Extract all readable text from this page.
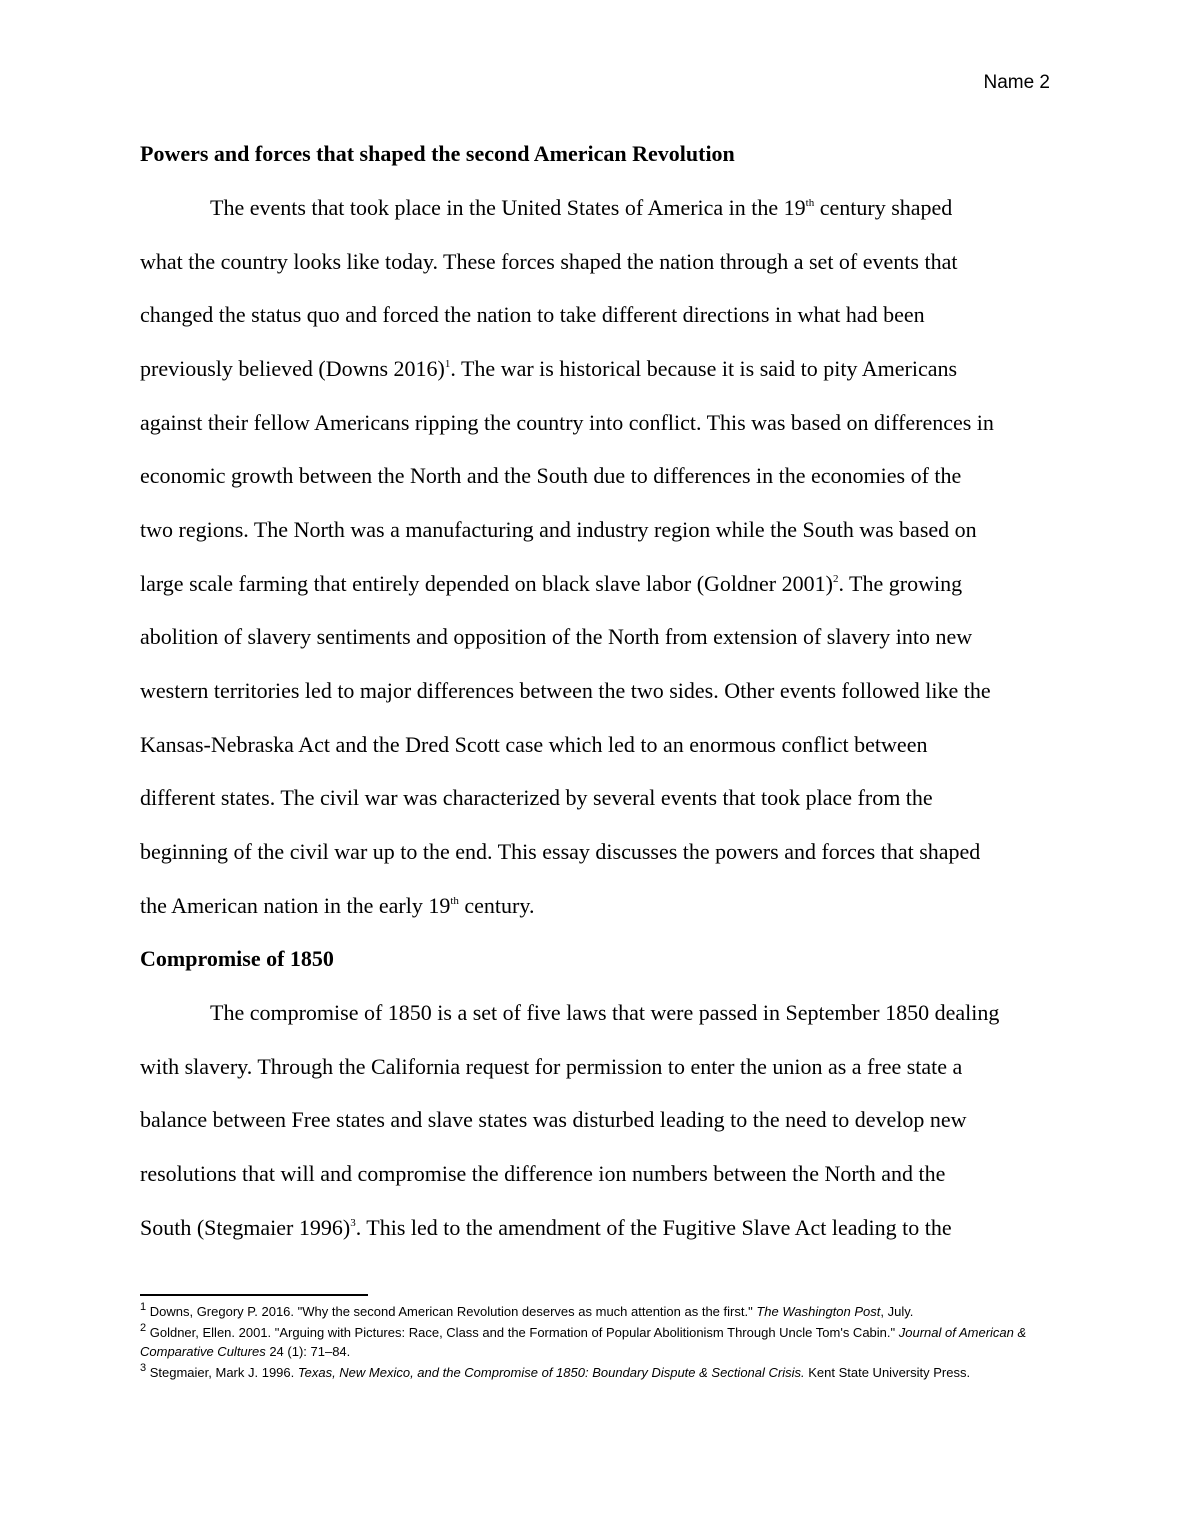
Name 2
Powers and forces that shaped the second American Revolution
The events that took place in the United States of America in the 19th century shaped
what the country looks like today. These forces shaped the nation through a set of events that
changed the status quo and forced the nation to take different directions in what had been
previously believed (Downs 2016)$^1$. The war is historical because it is said to pity Americans
against their fellow Americans ripping the country into conflict. This was based on differences in
economic growth between the North and the South due to differences in the economies of the
two regions. The North was a manufacturing and industry region while the South was based on
large scale farming that entirely depended on black slave labor (Goldner 2001)$^2$. The growing
abolition of slavery sentiments and opposition of the North from extension of slavery into new
western territories led to major differences between the two sides. Other events followed like the
Kansas-Nebraska Act and the Dred Scott case which led to an enormous conflict between
different states. The civil war was characterized by several events that took place from the
beginning of the civil war up to the end. This essay discusses the powers and forces that shaped
the American nation in the early 19th century.
Compromise of 1850
The compromise of 1850 is a set of five laws that were passed in September 1850 dealing
with slavery. Through the California request for permission to enter the union as a free state a
balance between Free states and slave states was disturbed leading to the need to develop new
resolutions that will and compromise the difference ion numbers between the North and the
South (Stegmaier 1996)$^3$. This led to the amendment of the Fugitive Slave Act leading to the

$^1$ Downs, Gregory P. 2016. "Why the second American Revolution deserves as much attention as the first." The Washington Post, July.

$^2$ Goldner, Ellen. 2001. "Arguing with Pictures: Race, Class and the Formation of Popular Abolitionism Through Uncle Tom's Cabin." Journal of American & Comparative Cultures 24 (1): 71–84.

$^3$ Stegmaier, Mark J. 1996. Texas, New Mexico, and the Compromise of 1850: Boundary Dispute & Sectional Crisis. Kent State University Press.
